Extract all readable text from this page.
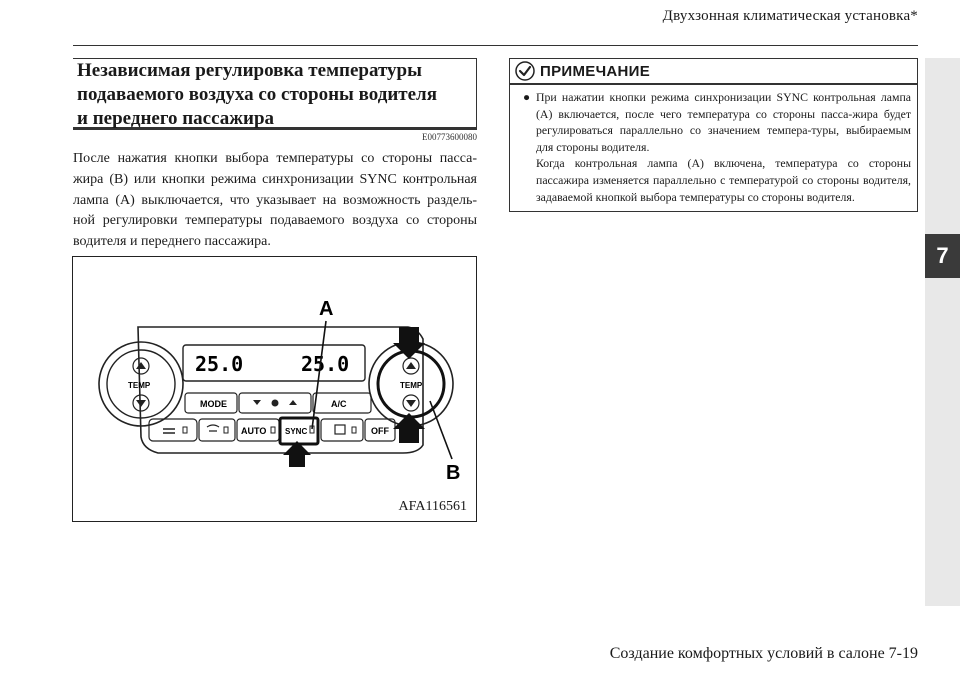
Двухзонная климатическая установка*
7
Независимая регулировка температуры
подаваемого воздуха со стороны водителя
и переднего пассажира
E00773600080
После нажатия кнопки выбора температуры со стороны пасса-жира (B) или кнопки режима синхронизации SYNC контрольная лампа (A) выключается, что указывает на возможность раздель-ной регулировки температуры подаваемого воздуха со стороны водителя и переднего пассажира.
25.0	25.0
TEMP	TEMP
MODE	A/C
AUTO SYNC	OFF
A
B
AFA116561
ПРИМЕЧАНИЕ
● При нажатии кнопки режима синхронизации SYNC контрольная лампа (A) включается, после чего температура со стороны пасса-жира будет регулироваться параллельно со значением темпера-туры, выбираемым для стороны водителя.
Когда контрольная лампа (A) включена, температура со стороны пассажира изменяется параллельно с температурой со стороны водителя, задаваемой кнопкой выбора температуры со стороны водителя.
Создание комфортных условий в салоне 7-19
